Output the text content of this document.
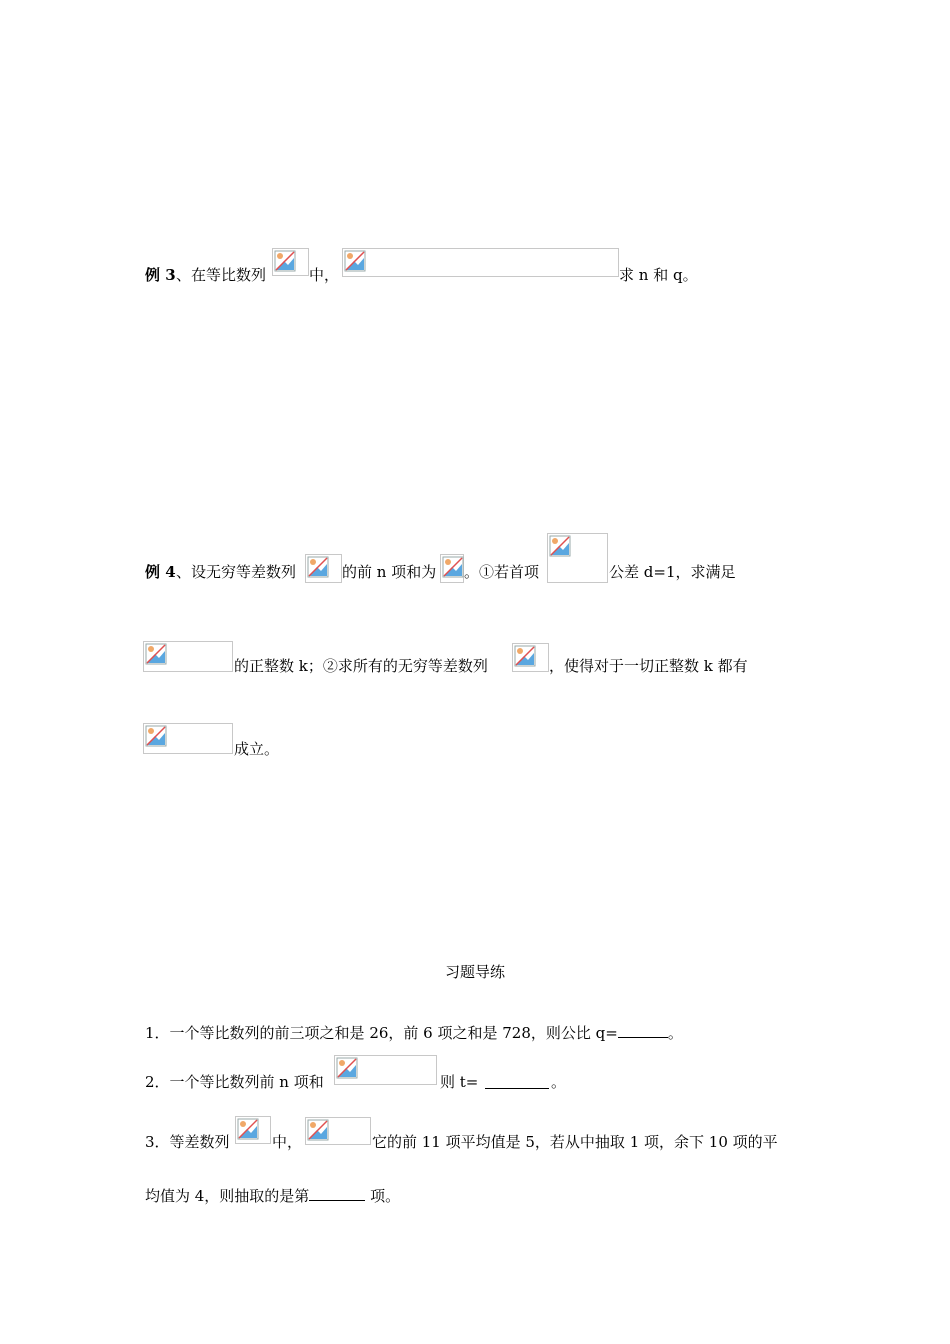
例 3 、在等比数列	中，	求 n 和 q。
例 4 、设无穷等差数列	的前 n 项和为 。①若首项	公差 d=1，求满足
的正整数 k；②求所有的无穷等差数列	，使得对于一切正整数 k 都有
成立。
习题导练
1．一个等比数列的前三项之和是 26，前 6 项之和是 728，则公比 q=	。
2．一个等比数列前 n 项和	则 t=	。
3．等差数列	中，	它的前 11 项平均值是 5，若从中抽取 1 项，余下 10 项的平
均值为 4，则抽取的是第	项。
